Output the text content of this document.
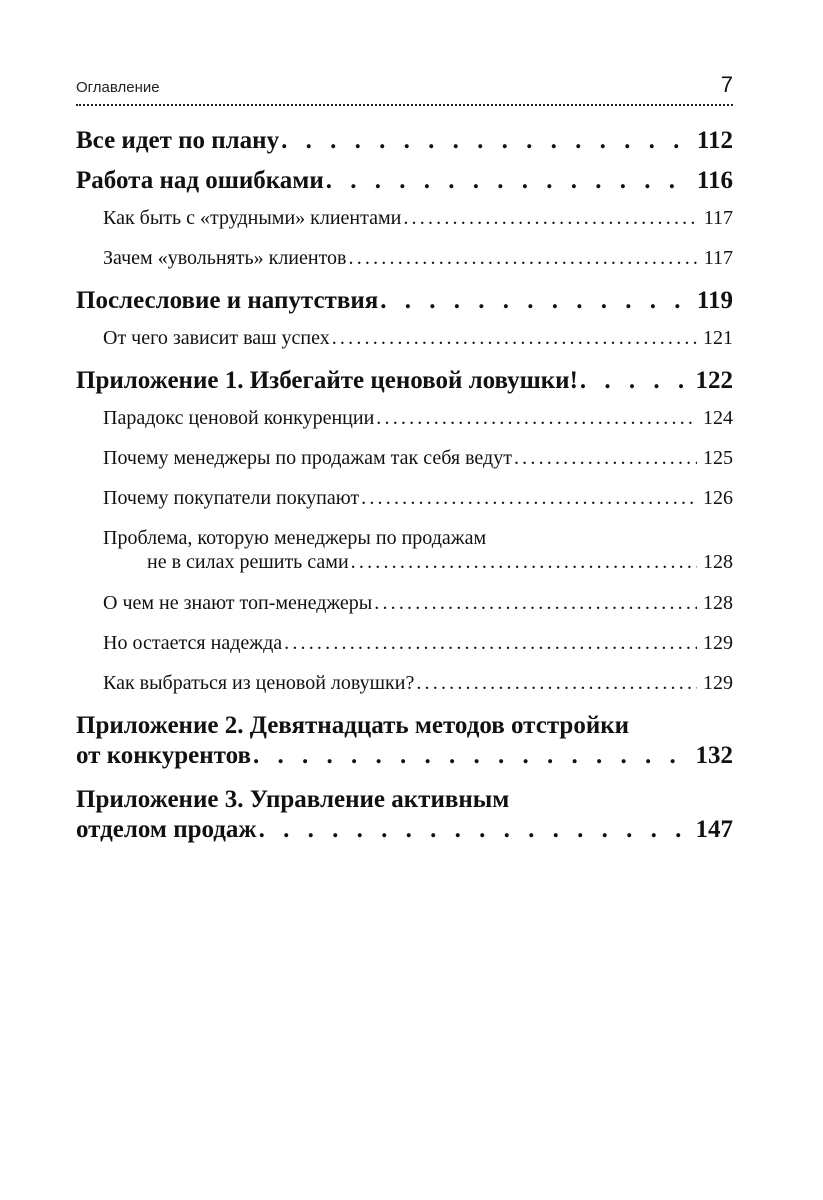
Оглавление	7
Все идет по плану . . .	112
Работа над ошибками . . .	116
Как быть с «трудными» клиентами .....	117
Зачем «увольнять» клиентов .....	117
Послесловие и напутствия . . .	119
От чего зависит ваш успех .....	121
Приложение 1. Избегайте ценовой ловушки! . . .	122
Парадокс ценовой конкуренции .....	124
Почему менеджеры по продажам так себя ведут .....	125
Почему покупатели покупают .....	126
Проблема, которую менеджеры по продажам
не в силах решить сами .....	128
О чем не знают топ-менеджеры .....	128
Но остается надежда .....	129
Как выбраться из ценовой ловушки? .....	129
Приложение 2. Девятнадцать методов отстройки
от конкурентов . . .	132
Приложение 3. Управление активным
отделом продаж . . .	147
